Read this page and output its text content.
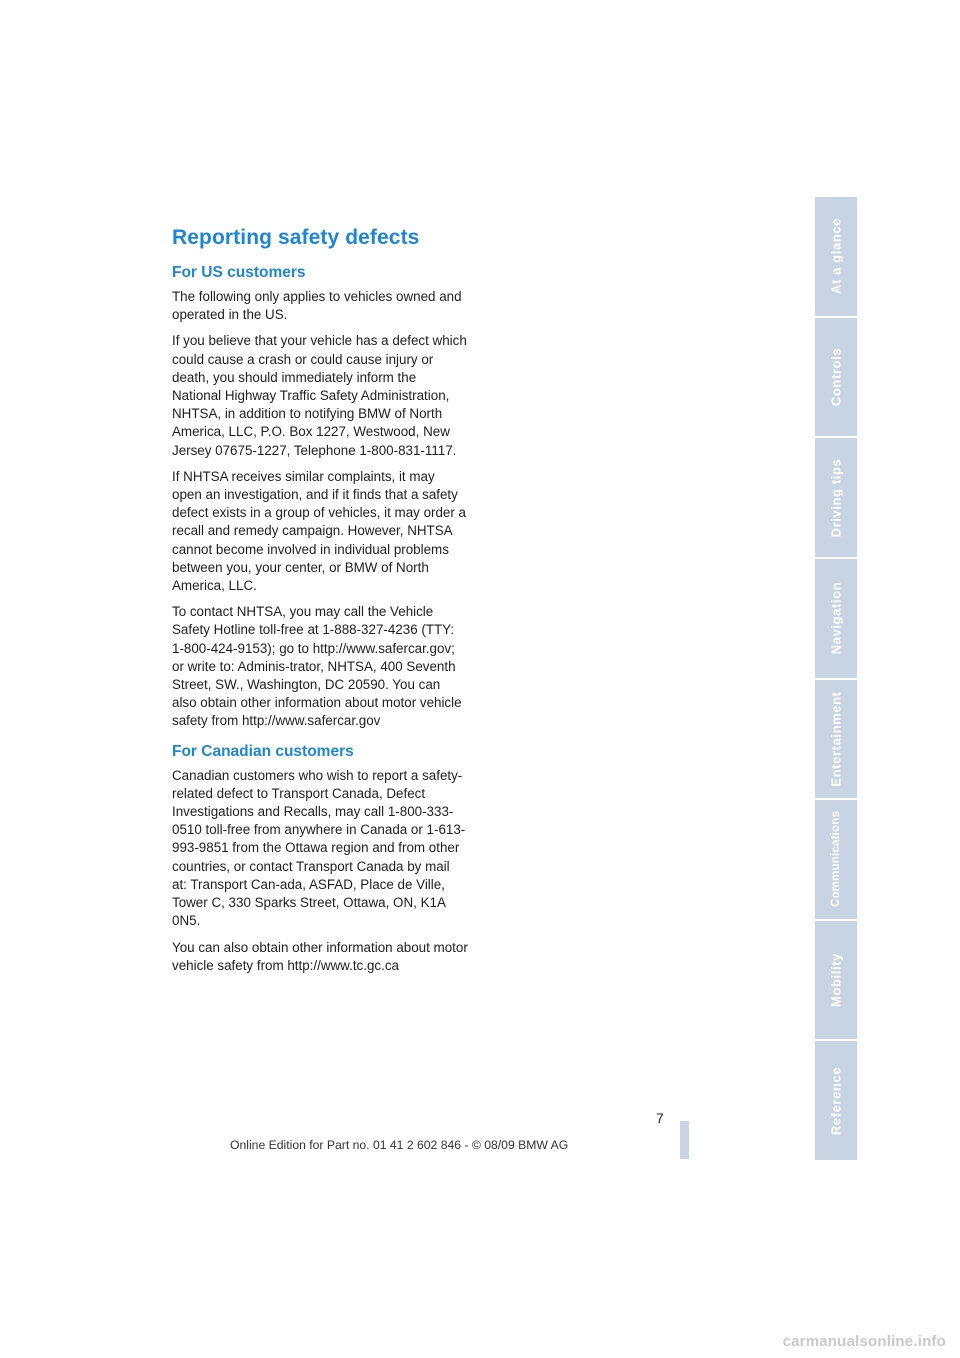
Reporting safety defects
For US customers

The following only applies to vehicles owned and operated in the US.

If you believe that your vehicle has a defect which could cause a crash or could cause injury or death, you should immediately inform the National Highway Traffic Safety Administration, NHTSA, in addition to notifying BMW of North America, LLC, P.O. Box 1227, Westwood, New Jersey 07675-1227, Telephone 1-800-831-1117.

If NHTSA receives similar complaints, it may open an investigation, and if it finds that a safety defect exists in a group of vehicles, it may order a recall and remedy campaign. However, NHTSA cannot become involved in individual problems between you, your center, or BMW of North America, LLC.

To contact NHTSA, you may call the Vehicle Safety Hotline toll-free at 1-888-327-4236 (TTY: 1-800-424-9153); go to http://www.safercar.gov; or write to: Adminis-trator, NHTSA, 400 Seventh Street, SW., Washington, DC 20590. You can also obtain other information about motor vehicle safety from http://www.safercar.gov

For Canadian customers

Canadian customers who wish to report a safety-related defect to Transport Canada, Defect Investigations and Recalls, may call 1-800-333-0510 toll-free from anywhere in Canada or 1-613-993-9851 from the Ottawa region and from other countries, or contact Transport Canada by mail at: Transport Can-ada, ASFAD, Place de Ville, Tower C, 330 Sparks Street, Ottawa, ON, K1A 0N5.

You can also obtain other information about motor vehicle safety from http://www.tc.gc.ca

At a glance
Controls
Driving tips
Navigation
Entertainment
Communications
Mobility
Reference
7
Online Edition for Part no. 01 41 2 602 846 - © 08/09 BMW AG
carmanualsonline.info
